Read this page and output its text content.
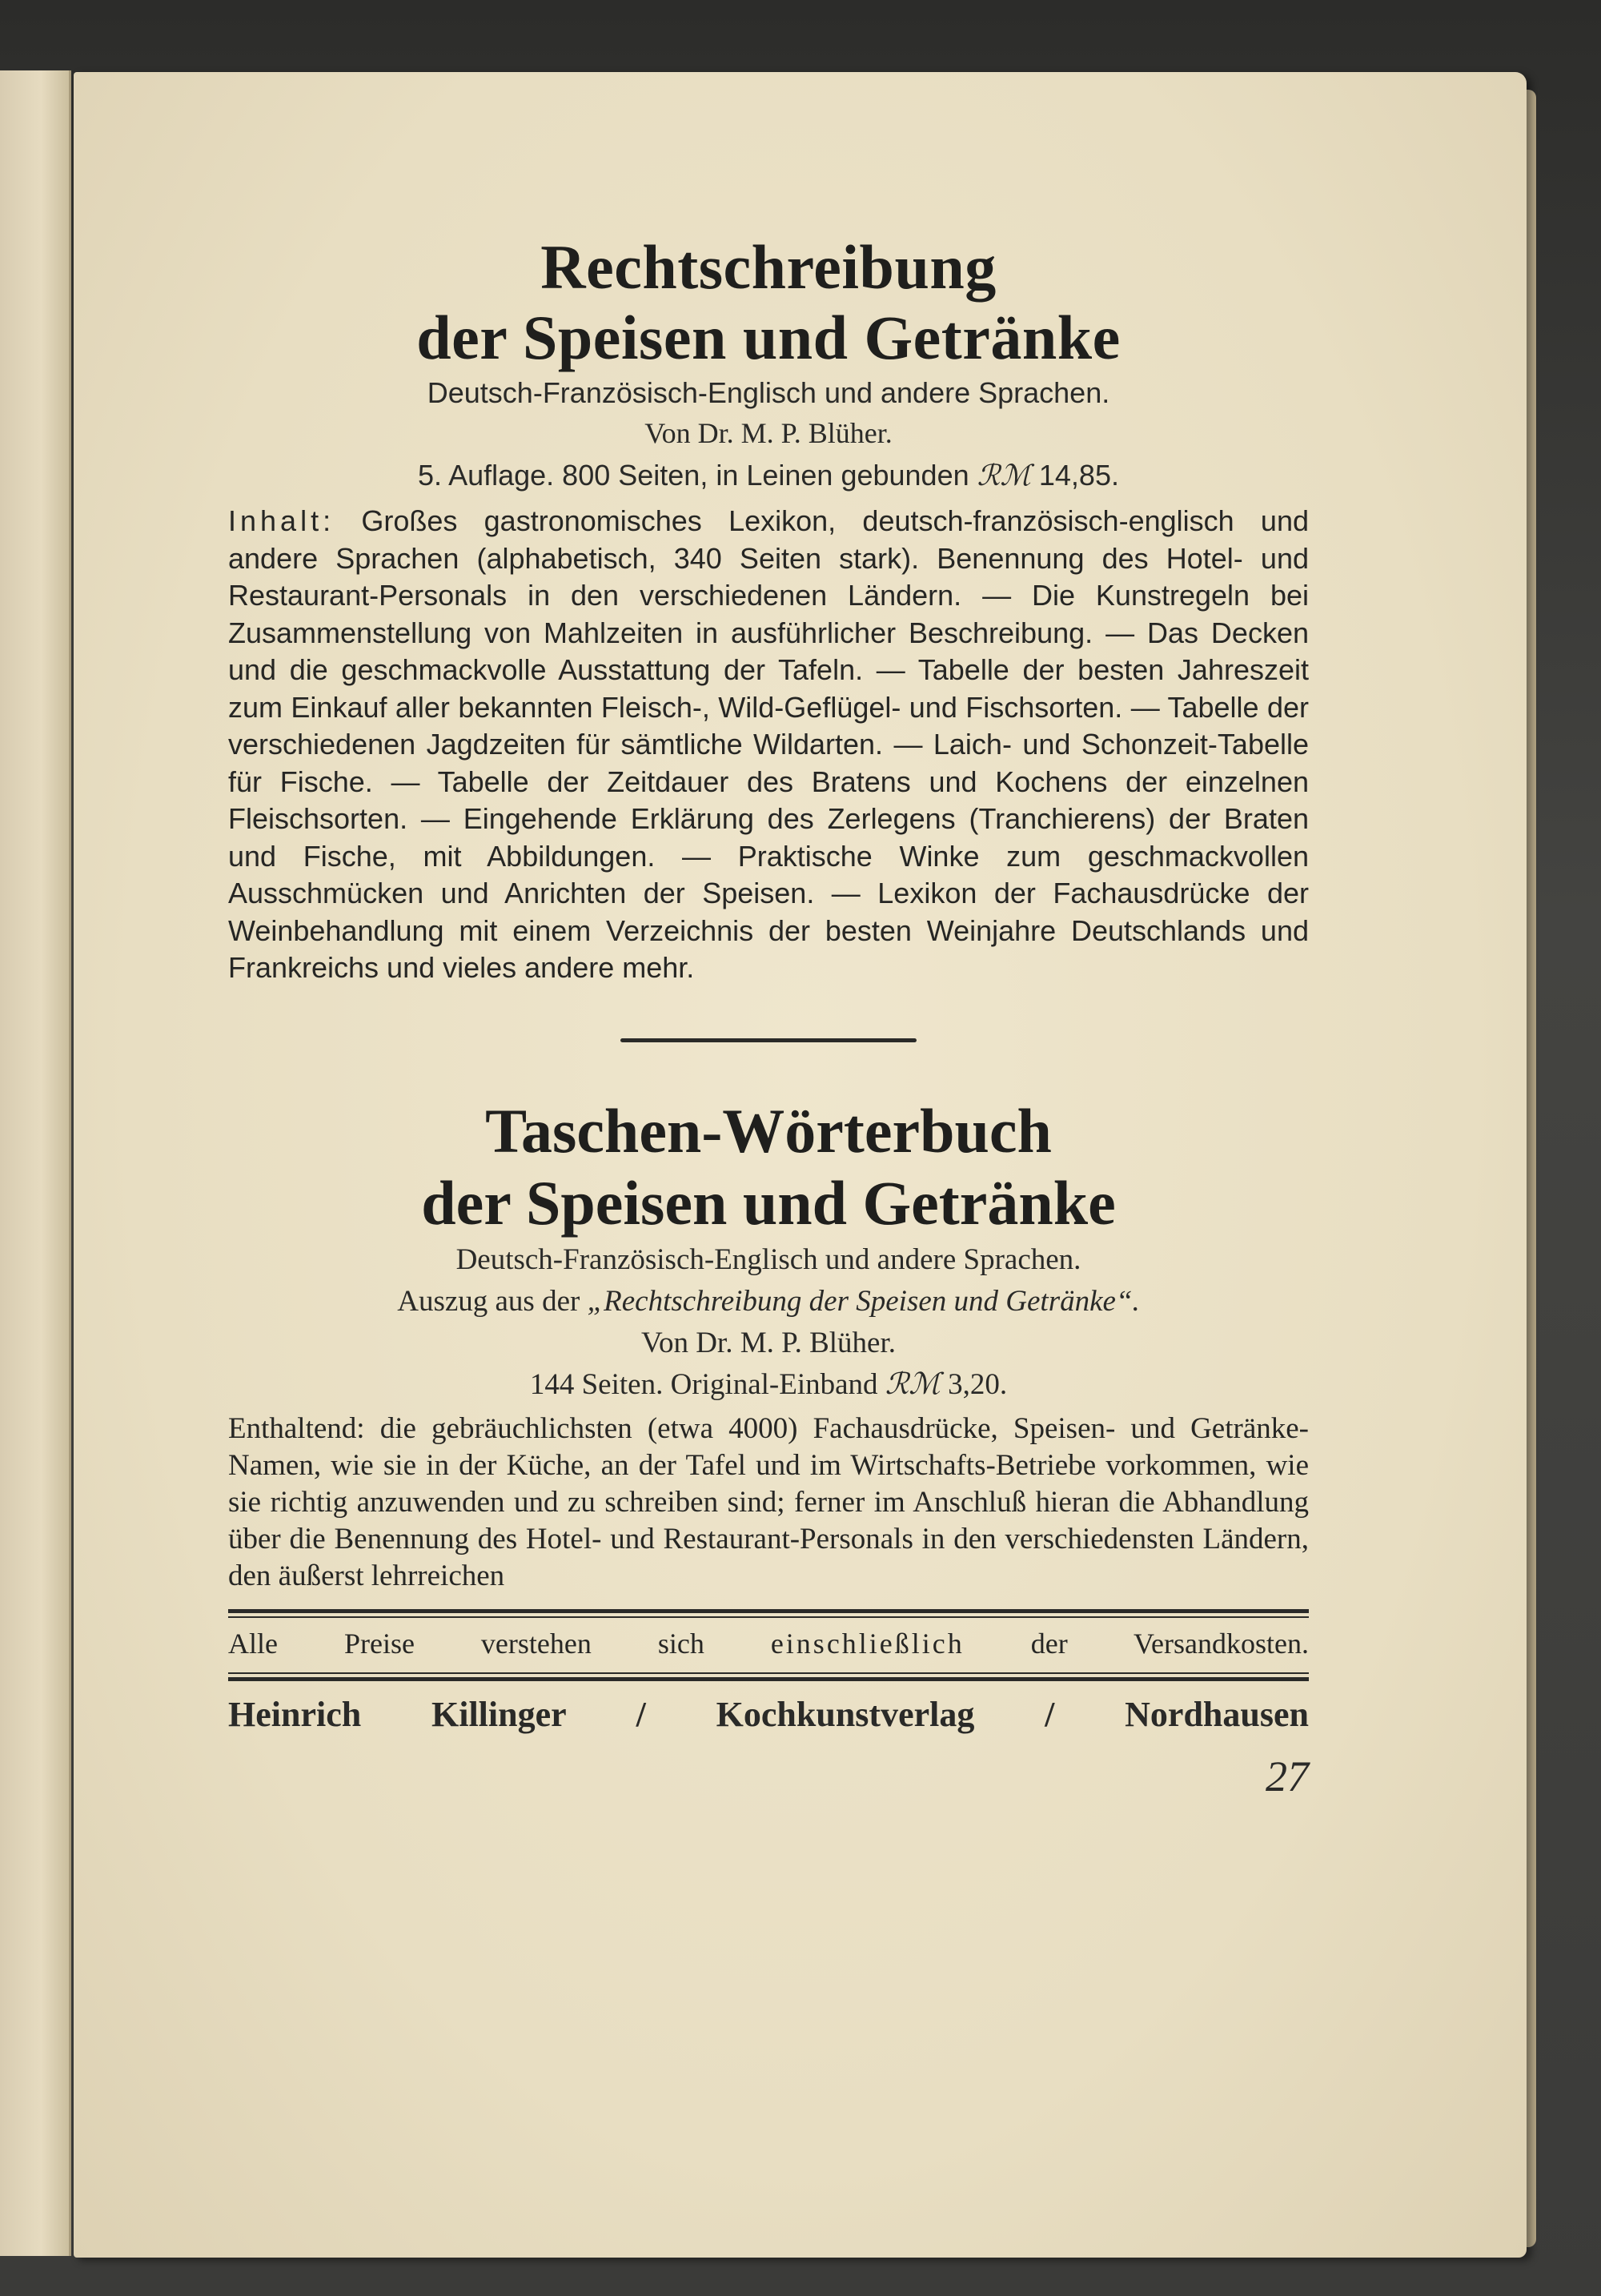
Rechtschreibung
der Speisen und Getränke
Deutsch-Französisch-Englisch und andere Sprachen.
Von Dr. M. P. Blüher.
5. Auflage. 800 Seiten, in Leinen gebunden ℛℳ 14,85.
Inhalt: Großes gastronomisches Lexikon, deutsch-französisch-englisch und andere Sprachen (alphabetisch, 340 Seiten stark). Benennung des Hotel- und Restaurant-Personals in den verschiedenen Ländern. — Die Kunstregeln bei Zusammenstellung von Mahlzeiten in ausführlicher Beschreibung. — Das Decken und die geschmackvolle Ausstattung der Tafeln. — Tabelle der besten Jahreszeit zum Einkauf aller bekannten Fleisch-, Wild-Geflügel- und Fischsorten. — Tabelle der verschiedenen Jagdzeiten für sämtliche Wildarten. — Laich- und Schonzeit-Tabelle für Fische. — Tabelle der Zeitdauer des Bratens und Kochens der einzelnen Fleischsorten. — Eingehende Erklärung des Zerlegens (Tranchierens) der Braten und Fische, mit Abbildungen. — Praktische Winke zum geschmackvollen Ausschmücken und Anrichten der Speisen. — Lexikon der Fachausdrücke der Weinbehandlung mit einem Verzeichnis der besten Weinjahre Deutschlands und Frankreichs und vieles andere mehr.
Taschen-Wörterbuch
der Speisen und Getränke
Deutsch-Französisch-Englisch und andere Sprachen.
Auszug aus der „Rechtschreibung der Speisen und Getränke“.
Von Dr. M. P. Blüher.
144 Seiten. Original-Einband ℛℳ 3,20.
Enthaltend: die gebräuchlichsten (etwa 4000) Fachausdrücke, Speisen- und Getränke-Namen, wie sie in der Küche, an der Tafel und im Wirtschafts-Betriebe vorkommen, wie sie richtig anzuwenden und zu schreiben sind; ferner im Anschluß hieran die Abhandlung über die Benennung des Hotel- und Restaurant-Personals in den verschiedensten Ländern, den äußerst lehrreichen
Alle Preise verstehen sich einschließlich der Versandkosten.
Heinrich Killinger / Kochkunstverlag / Nordhausen
27
